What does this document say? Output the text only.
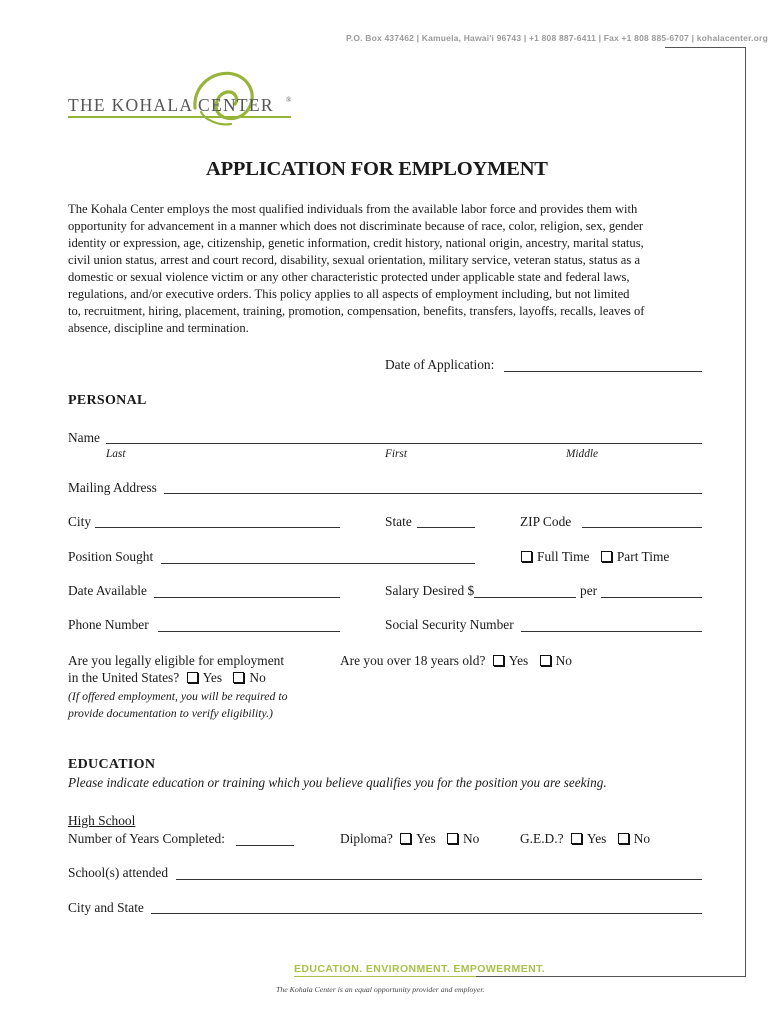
P.O. Box 437462 | Kamuela, Hawai'i 96743 | +1 808 887-6411 | Fax +1 808 885-6707 | kohalacenter.org
THE KOHALA CENTER ®
APPLICATION FOR EMPLOYMENT
The Kohala Center employs the most qualified individuals from the available labor force and provides them with
opportunity for advancement in a manner which does not discriminate because of race, color, religion, sex, gender
identity or expression, age, citizenship, genetic information, credit history, national origin, ancestry, marital status,
civil union status, arrest and court record, disability, sexual orientation, military service, veteran status, status as a
domestic or sexual violence victim or any other characteristic protected under applicable state and federal laws,
regulations, and/or executive orders. This policy applies to all aspects of employment including, but not limited
to, recruitment, hiring, placement, training, promotion, compensation, benefits, transfers, layoffs, recalls, leaves of
absence, discipline and termination.
Date of Application:
PERSONAL
Name
Last	First	Middle
Mailing Address
City	State	ZIP Code
Position Sought	Full Time Part Time
Date Available	Salary Desired $	per
Phone Number	Social Security Number
Are you legally eligible for employment
in the United States? Yes No
(If offered employment, you will be required to
provide documentation to verify eligibility.)
Are you over 18 years old? Yes No
EDUCATION
Please indicate education or training which you believe qualifies you for the position you are seeking.
High School
Number of Years Completed:	Diploma? Yes No	G.E.D.? Yes No
School(s) attended
City and State
EDUCATION. ENVIRONMENT. EMPOWERMENT.
The Kohala Center is an equal opportunity provider and employer.
